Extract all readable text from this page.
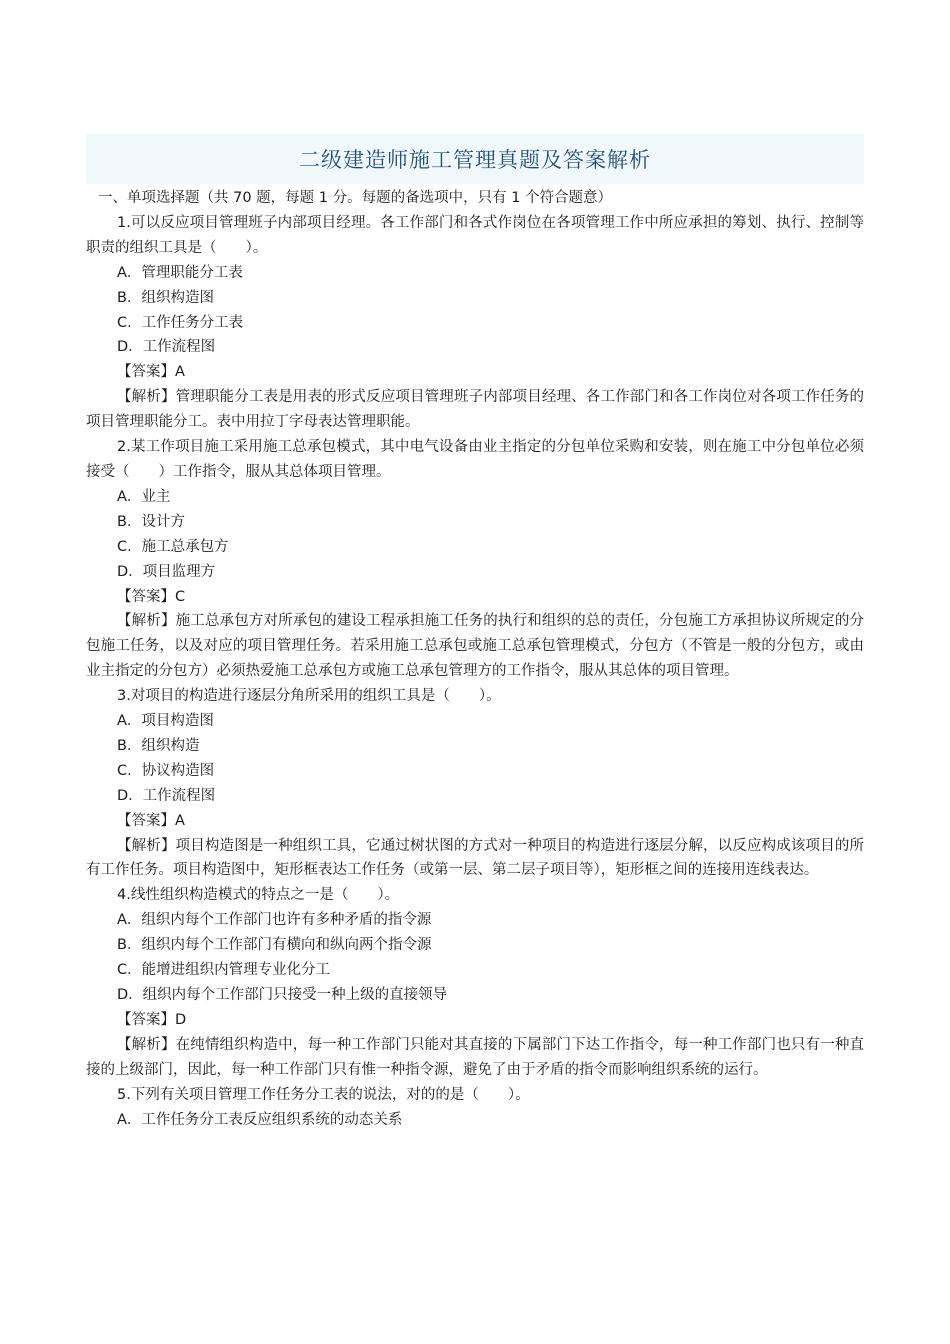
二级建造师施工管理真题及答案解析
一、单项选择题（共 70 题，每题 1 分。每题的备选项中，只有 1 个符合题意）
1.可以反应项目管理班子内部项目经理。各工作部门和各式作岗位在各项管理工作中所应承担的筹划、执行、控制等职责的组织工具是（　　）。
A．管理职能分工表
B．组织构造图
C．工作任务分工表
D．工作流程图
【答案】A
【解析】管理职能分工表是用表的形式反应项目管理班子内部项目经理、各工作部门和各工作岗位对各项工作任务的项目管理职能分工。表中用拉丁字母表达管理职能。
2.某工作项目施工采用施工总承包模式，其中电气设备由业主指定的分包单位采购和安装，则在施工中分包单位必须接受（　　）工作指令，服从其总体项目管理。
A．业主
B．设计方
C．施工总承包方
D．项目监理方
【答案】C
【解析】施工总承包方对所承包的建设工程承担施工任务的执行和组织的总的责任，分包施工方承担协议所规定的分包施工任务，以及对应的项目管理任务。若采用施工总承包或施工总承包管理模式，分包方（不管是一般的分包方，或由业主指定的分包方）必须热爱施工总承包方或施工总承包管理方的工作指令，服从其总体的项目管理。
3.对项目的构造进行逐层分角所采用的组织工具是（　　）。
A．项目构造图
B．组织构造
C．协议构造图
D．工作流程图
【答案】A
【解析】项目构造图是一种组织工具，它通过树状图的方式对一种项目的构造进行逐层分解，以反应构成该项目的所有工作任务。项目构造图中，矩形框表达工作任务（或第一层、第二层子项目等），矩形框之间的连接用连线表达。
4.线性组织构造模式的特点之一是（　　）。
A．组织内每个工作部门也许有多种矛盾的指令源
B．组织内每个工作部门有横向和纵向两个指令源
C．能增进组织内管理专业化分工
D．组织内每个工作部门只接受一种上级的直接领导
【答案】D
【解析】在纯情组织构造中，每一种工作部门只能对其直接的下属部门下达工作指令，每一种工作部门也只有一种直接的上级部门，因此，每一种工作部门只有惟一种指令源，避免了由于矛盾的指令而影响组织系统的运行。
5.下列有关项目管理工作任务分工表的说法，对的的是（　　）。
A．工作任务分工表反应组织系统的动态关系
